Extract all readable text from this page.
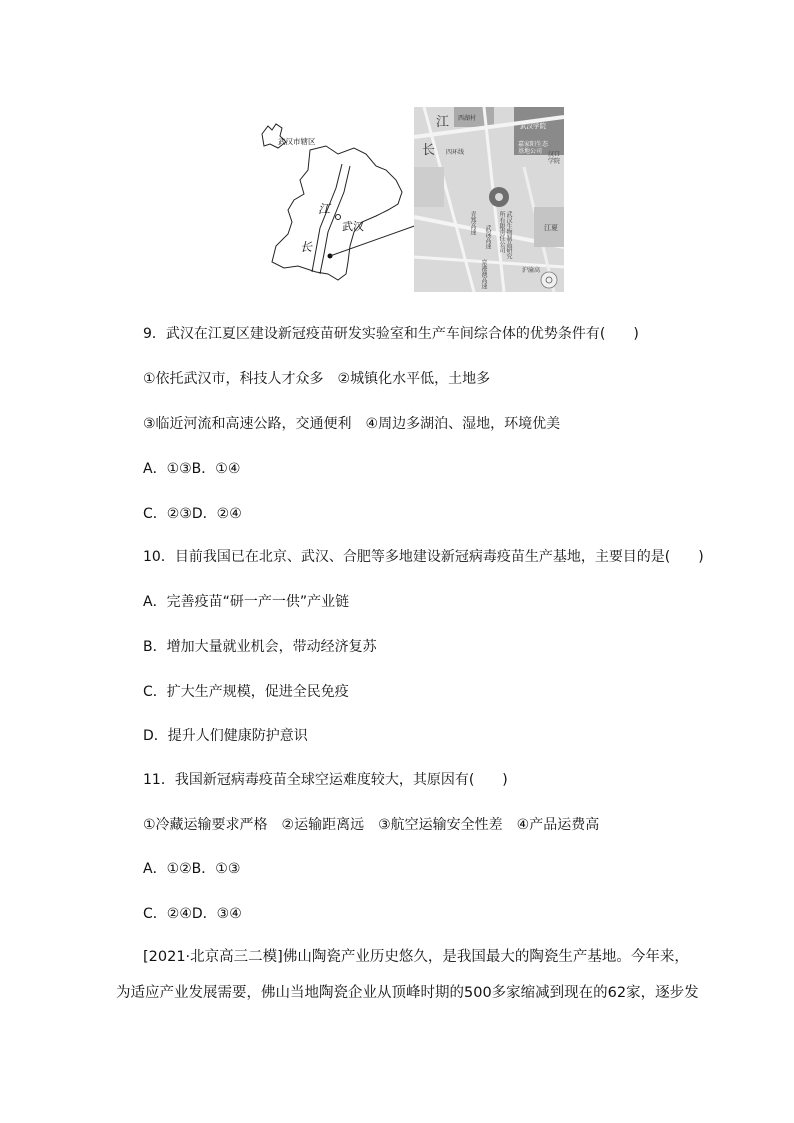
武汉市辖区
江
长
武汉
江
长
武汉学院
西湖村
四环线
嘉家阳生态基地公司 汉口学院
青郑高速	武汉生物制品研究所有限责任公司
武深高速
京港澳高速	沪渝高
江夏
9．武汉在江夏区建设新冠疫苗研发实验室和生产车间综合体的优势条件有(　　)
①依托武汉市，科技人才众多　②城镇化水平低，土地多
③临近河流和高速公路，交通便利　④周边多湖泊、湿地，环境优美
A．①③B．①④
C．②③D．②④
10．目前我国已在北京、武汉、合肥等多地建设新冠病毒疫苗生产基地，主要目的是(　　)
A．完善疫苗“研一产一供”产业链
B．增加大量就业机会，带动经济复苏
C．扩大生产规模，促进全民免疫
D．提升人们健康防护意识
11．我国新冠病毒疫苗全球空运难度较大，其原因有(　　)
①冷藏运输要求严格　②运输距离远　③航空运输安全性差　④产品运费高
A．①②B．①③
C．②④D．③④
[2021·北京高三二模]佛山陶瓷产业历史悠久，是我国最大的陶瓷生产基地。今年来，
为适应产业发展需要，佛山当地陶瓷企业从顶峰时期的500多家缩减到现在的62家，逐步发
